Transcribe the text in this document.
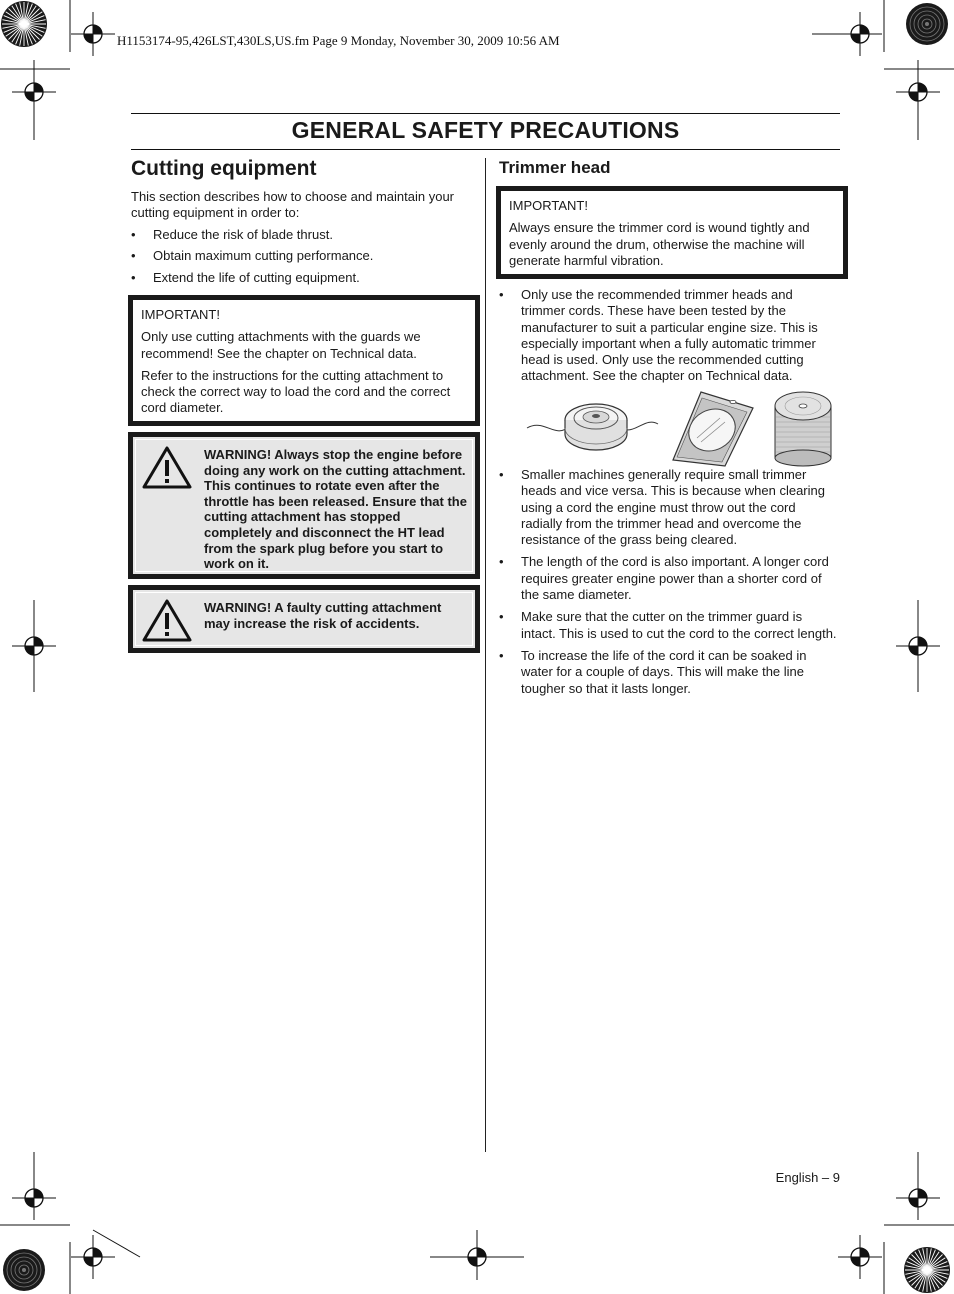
H1153174-95,426LST,430LS,US.fm Page 9 Monday, November 30, 2009 10:56 AM
GENERAL SAFETY PRECAUTIONS
Cutting equipment

This section describes how to choose and maintain your cutting equipment in order to:

• Reduce the risk of blade thrust.
• Obtain maximum cutting performance.
• Extend the life of cutting equipment.

IMPORTANT!

Only use cutting attachments with the guards we recommend! See the chapter on Technical data.

Refer to the instructions for the cutting attachment to check the correct way to load the cord and the correct cord diameter.

WARNING! Always stop the engine before doing any work on the cutting attachment. This continues to rotate even after the throttle has been released. Ensure that the cutting attachment has stopped completely and disconnect the HT lead from the spark plug before you start to work on it.
WARNING! A faulty cutting attachment may increase the risk of accidents.
Trimmer head

IMPORTANT!

Always ensure the trimmer cord is wound tightly and evenly around the drum, otherwise the machine will generate harmful vibration.

• Only use the recommended trimmer heads and trimmer cords. These have been tested by the manufacturer to suit a particular engine size. This is especially important when a fully automatic trimmer head is used. Only use the recommended cutting attachment. See the chapter on Technical data.
• Smaller machines generally require small trimmer heads and vice versa. This is because when clearing using a cord the engine must throw out the cord radially from the trimmer head and overcome the resistance of the grass being cleared.
• The length of the cord is also important. A longer cord requires greater engine power than a shorter cord of the same diameter.
• Make sure that the cutter on the trimmer guard is intact. This is used to cut the cord to the correct length.
• To increase the life of the cord it can be soaked in water for a couple of days. This will make the line tougher so that it lasts longer.
English – 9
